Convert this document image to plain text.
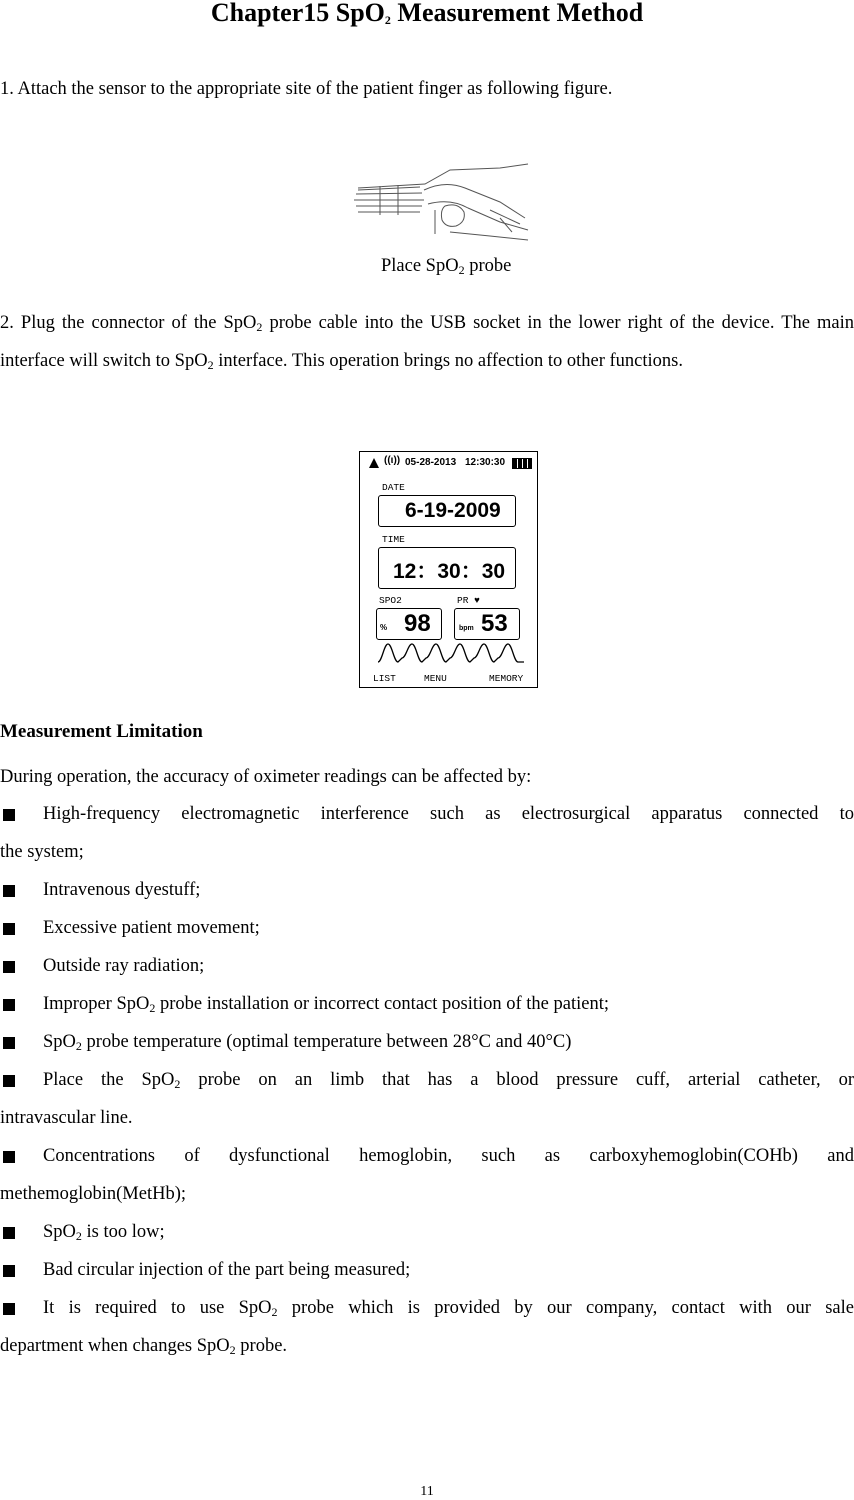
Chapter15 SpO$_2$ Measurement Method

1. Attach the sensor to the appropriate site of the patient finger as following figure.

Place SpO$_2$ probe

2. Plug the connector of the SpO$_2$ probe cable into the USB socket in the lower right of the device. The main interface will switch to SpO$_2$ interface. This operation brings no affection to other functions.

((ι)) 05-28-2013 12:30:30
DATE
6-19-2009
TIME
12：30：30
SPO2
% 98
PR ♥
bpm 53
LIST	MENU	MEMORY
Measurement Limitation

During operation, the accuracy of oximeter readings can be affected by:

High-frequency electromagnetic interference such as electrosurgical apparatus connected to
the system;
Intravenous dyestuff;
Excessive patient movement;
Outside ray radiation;
Improper SpO$_2$ probe installation or incorrect contact position of the patient;
SpO$_2$ probe temperature (optimal temperature between 28°C and 40°C)
Place the SpO$_2$ probe on an limb that has a blood pressure cuff, arterial catheter, or
intravascular line.
Concentrations of dysfunctional hemoglobin, such as carboxyhemoglobin(COHb) and
methemoglobin(MetHb);
SpO$_2$ is too low;
Bad circular injection of the part being measured;
It is required to use SpO$_2$ probe which is provided by our company, contact with our sale
department when changes SpO$_2$ probe.
11
